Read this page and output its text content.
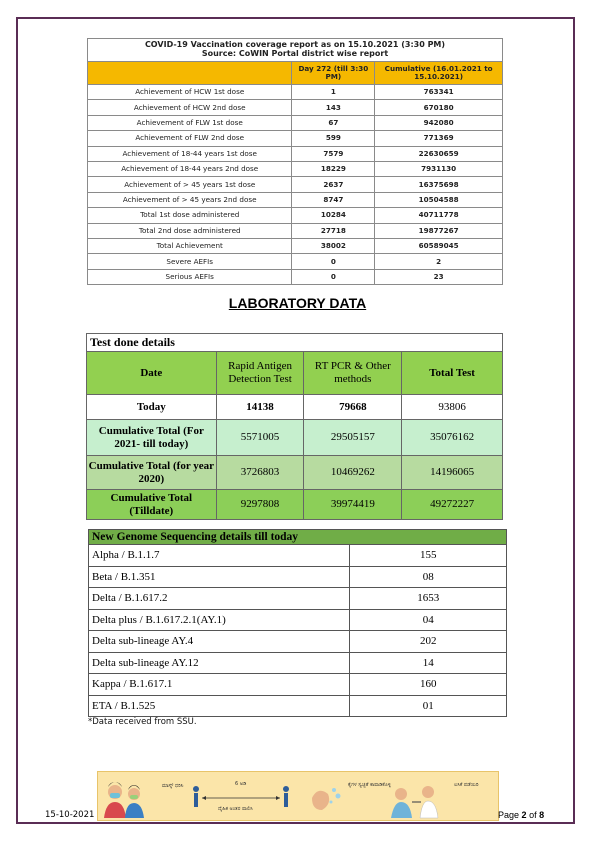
COVID-19 Vaccination coverage report as on 15.10.2021 (3:30 PM)
Source: CoWIN Portal district wise report		

	Day 272 (till 3:30 PM)	Cumulative (16.01.2021 to 15.10.2021)
Achievement of HCW 1st dose	1	763341
Achievement of HCW 2nd dose	143	670180
Achievement of FLW 1st dose	67	942080
Achievement of FLW 2nd dose	599	771369
Achievement of 18-44 years 1st dose	7579	22630659
Achievement of 18-44 years 2nd dose	18229	7931130
Achievement of > 45 years 1st dose	2637	16375698
Achievement of > 45 years 2nd dose	8747	10504588
Total 1st dose administered	10284	40711778
Total 2nd dose administered	27718	19877267
Total Achievement	38002	60589045
Severe AEFIs	0	2
Serious AEFIs	0	23
LABORATORY DATA
Test done details			
Date	Rapid Antigen Detection Test	RT PCR & Other methods	Total Test
Today	14138	79668	93806
Cumulative Total (For 2021- till today)	5571005	29505157	35076162
Cumulative Total (for year 2020)	3726803	10469262	14196065
Cumulative Total (Tilldate)	9297808	39974419	49272227
New Genome Sequencing details till today	
Alpha / B.1.1.7	155
Beta / B.1.351	08
Delta / B.1.617.2	1653
Delta plus / B.1.617.2.1(AY.1)	04
Delta sub-lineage AY.4	202
Delta sub-lineage AY.12	14
Kappa / B.1.617.1	160
ETA / B.1.525	01
*Data received from SSU.
ಮಾಸ್ಕ್ ಧರಿಸಿ	6 ಅಡಿ
ದೈಹಿಕ ಅಂತರ ಪಾಲಿಸಿ
ಕೈಗಳ ಸ್ವಚ್ಛತೆ ಕಾಪಾಡಿಕೊಳ್ಳಿ	ಲಸಿಕೆ ಪಡೆಯಿರಿ
15-10-2021	Page 2 of 8
